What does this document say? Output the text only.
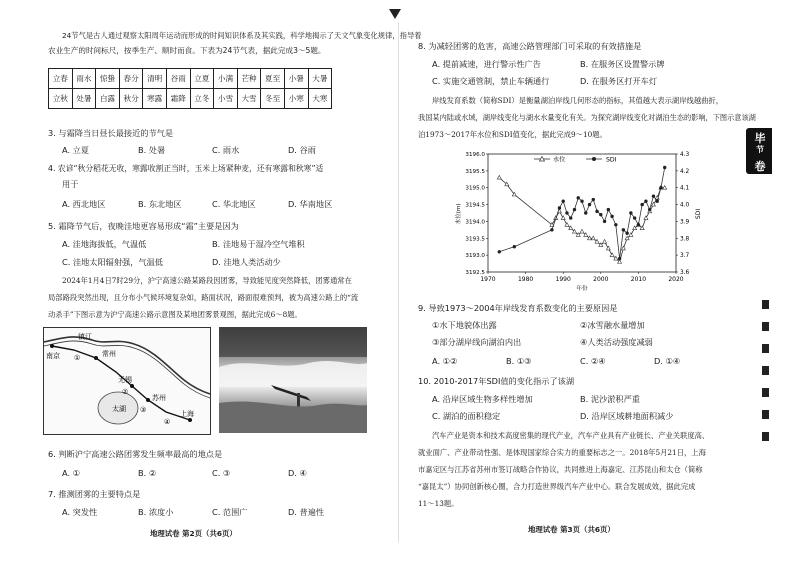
24节气是古人通过观察太阳周年运动而形成的时间知识体系及其实践，科学地揭示了天文气象变化规律，指导着
农业生产的时间标尺，按季生产、顺时而食。下表为24节气表，据此完成3～5题。
立春	雨水	惊蛰	春分	清明	谷雨	立夏	小满	芒种	夏至	小暑	大暑
立秋	处暑	白露	秋分	寒露	霜降	立冬	小雪	大雪	冬至	小寒	大寒
3. 与霜降当日昼长最接近的节气是
A. 立夏	B. 处暑	C. 雨水	D. 谷雨
4. 农谚“秋分稻花无收，寒露收割正当时，玉米上场紧种麦，还有寒露和秋寒”适
用于
A. 西北地区	B. 东北地区	C. 华北地区	D. 华南地区
5. 霜降节气后，夜晚洼地更容易形成“霜”主要是因为
A. 洼地海拔低，气温低	B. 洼地易于湿冷空气堆积
C. 洼地太阳辐射强，气温低	D. 洼地人类活动少
2024年1月4日7时29分，沪宁高速公路某路段因团雾，导致能见度突然降低，团雾通常在
局部路段突然出现，且分布小气候环境复杂如，路面状况，路面很难预判，被为高速公路上的“流
动杀手”下图示意为沪宁高速公路示意图及某地团雾景观图，据此完成6～8题。
南京
镇江
常州
无锡
苏州
上海
太湖
①
②
③
④
6. 判断沪宁高速公路团雾发生频率最高的地点是
A. ①	B. ②	C. ③	D. ④
7. 推测团雾的主要特点是
A. 突发性	B. 浓度小	C. 范围广	D. 普遍性
地理试卷 第2页（共6页）
8. 为减轻团雾的危害，高速公路管理部门可采取的有效措施是
A. 提前减速，进行警示性广告	B. 在服务区设置警示牌
C. 实施交通管制，禁止车辆通行	D. 在服务区打开车灯
岸线发育系数（简称SDI）是衡量湖泊岸线几何形态的指标，其值越大表示湖岸线越曲折，
我国某内陆或水域，湖岸线变化与湖水水量变化有关。为探究湖岸线变化对湖泊生态的影响，下图示意该湖
泊1973～2017年水位和SDI值变化，据此完成9～10题。
1970	1980	1990	2000	2010	2020
3192.5
3193.0
3193.5
3194.0
3194.5
3195.0
3195.5
3196.0
3.6
3.7
3.8
3.9
4.0
4.1
4.2
4.3
年份
水位(m)	SDI
水位	SDI
9. 导致1973～2004年岸线发育系数变化的主要原因是
①水下地貌体出露	②冰雪融水量增加
③部分湖岸线向湖泊内出	④人类活动强度减弱
A. ①②	B. ①③	C. ②④	D. ①④
10. 2010-2017年SDI值的变化指示了该湖
A. 沿岸区域生物多样性增加	B. 泥沙淤积严重
C. 湖泊的面积稳定	D. 沿岸区域耕地面积减少
汽车产业是资本和技术高度密集的现代产业，汽车产业具有产业链长、产业关联度高、
就业面广、产业带动性强、是体现国家综合实力的重要标志之一。2018年5月21日，上海
市嘉定区与江苏省苏州市签订战略合作协议，共同推进上海嘉定、江苏昆山和太仓（简称
“嘉昆太”）协同创新核心圈，合力打造世界级汽车产业中心。联合发展成效，据此完成
11～13题。
地理试卷 第3页（共6页）
毕
节
卷
